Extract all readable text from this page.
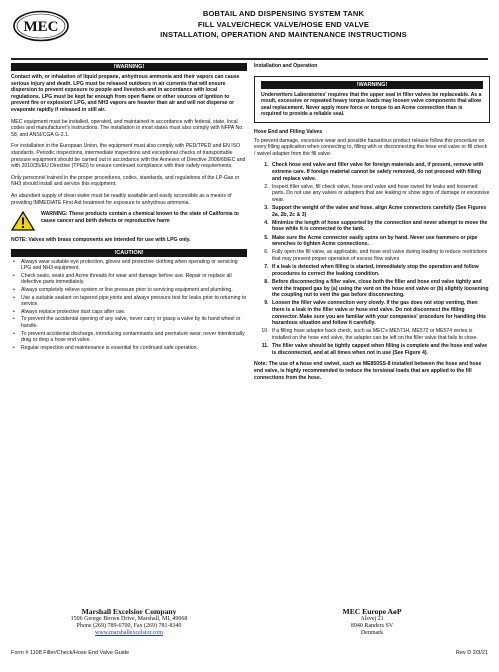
MEC
BOBTAIL AND DISPENSING SYSTEM TANK
FILL VALVE/CHECK VALVE/HOSE END VALVE
INSTALLATION, OPERATION AND MAINTENANCE INSTRUCTIONS
!WARNING!

Contact with, or inhalation of liquid propane, anhydrous ammonia and their vapors can cause serious injury and death. LPG must be released outdoors in air currents that will ensure dispersion to prevent exposure to people and livestock and in accordance with local regulations. LPG must be kept far enough from open flame or other sources of ignition to prevent fire or explosion! LPG, and NH3 vapors are heavier than air and will not disperse or evaporate rapidly if released in still air.

MEC equipment must be installed, operated, and maintained in accordance with federal, state, local codes and manufacturer's instructions. The installation in most states must also comply with NFPA No. 58, and ANSI/CGA G-2.1.

For installation in the European Union, the equipment must also comply with PED/TPED and EN ISO standards. Periodic inspections, intermediate inspections and exceptional checks of transportable pressure equipment should be carried out in accordance with the Annexes of Directive 2008/68/EC and with 2010/35/EU Directive (TPED) to ensure continued compliance with their safety requirements.

Only personnel trained in the proper procedures, codes, standards, and regulations of the LP-Gas or NH3 should install and service this equipment.

An abundant supply of clean water must be readily available and easily accessible as a means of providing IMMEDIATE First Aid treatment for exposure to anhydrous ammonia.

WARNING: These products contain a chemical known to the state of California to cause cancer and birth defects or reproductive harm

NOTE: Valves with brass components are intended for use with LPG only.

!CAUTION!
• Always wear suitable eye protection, gloves and protective clothing when operating or servicing LPG and NH3 equipment.
• Check seals, seats and Acme threads for wear and damage before use. Repair or replace all defective parts immediately.
• Always completely relieve system or line pressure prior to servicing equipment and plumbing.
• Use a suitable sealant on tapered pipe joints and always pressure test for leaks prior to returning to service.
• Always replace protective dust caps after use.
• To prevent the accidental opening of any valve, never carry or grasp a valve by its hand wheel or handle.
• To prevent accidental discharge, introducing contaminants and premature wear, never intentionally drag or drop a hose end valve.
• Regular inspection and maintenance is essential for continued safe operation.

Installation and Operation

!WARNING!

Underwriters Laboratories' requires that the upper seal in filler valves be replaceable. As a result, excessive or repeated heavy torque loads may loosen valve components that allow seal replacement. Never apply more force or torque to an Acme connection than is required to provide a reliable seal.

Hose End and Filling Valves

To prevent damage, excessive wear and possible hazardous product release follow this procedure on every filling application when connecting to, filling with or disconnecting the hose end valve or fill check / swivel adapter from the fill valve:

1. Check hose end valve and filler valve for foreign materials and, if present, remove with extreme care. If foreign material cannot be safely removed, do not proceed with filling and replace valve.
2. Inspect filler valve, fill check valve, hose end valve and hose swivel for leaks and loosened parts. Do not use any valves or adapters that are leaking or show signs of damage or excessive wear.
3. Support the weight of the valve and hose, align Acme connectors carefully (See Figures 2a, 2b, 2c & 3)
4. Minimize the length of hose supported by the connection and never attempt to move the hose while it is connected to the tank.
5. Make sure the Acme connector easily spins on by hand. Never use hammers or pipe wrenches to tighten Acme connections.
6. Fully open the fill valve, as applicable, and hose end valve during loading to reduce restrictions that may prevent proper operation of excess flow valves
7. If a leak is detected when filling is started, immediately stop the operation and follow procedures to correct the leaking condition.
8. Before disconnecting a filler valve, close both the filler and hose end valve tightly and vent the trapped gas by (a) using the vent on the hose end valve or (b) slightly loosening the coupling nut to vent the gas before disconnecting.
9. Loosen the filler valve connection very slowly. If the gas does not stop venting, then there is a leak in the filler valve or hose end valve. Do not disconnect the filling connector. Make sure you are familiar with your companies' procedure for handling this hazardous situation and follow it carefully.
10. If a filling hose adaptor back check, such as MEC's ME571H, ME572 or ME574 series is installed on the hose end valve, the adapter can be left on the filler valve that fails to close.
11. The filler valve should be tightly capped when filling is complete and the hose end valve is disconnected, and at all times when not in use (See Figure 4).

Note: The use of a hose end swivel, such as ME850SS-8 installed between the hose and hose end valve, is highly recommended to reduce the torsional loads that are applied to the fill connections from the hose.

Marshall Excelsior Company
1506 George Brown Drive, Marshall, MI, 49068
Phone (269) 789-6700, Fax (269) 781-8340
www.marshallexcelsior.com
MEC Europe AøP
Alsvej 21
8940 Randers SV
Denmark
Form # 1108 Filler/Check/Hose End Valve Guide	Rev D 2/3/21
